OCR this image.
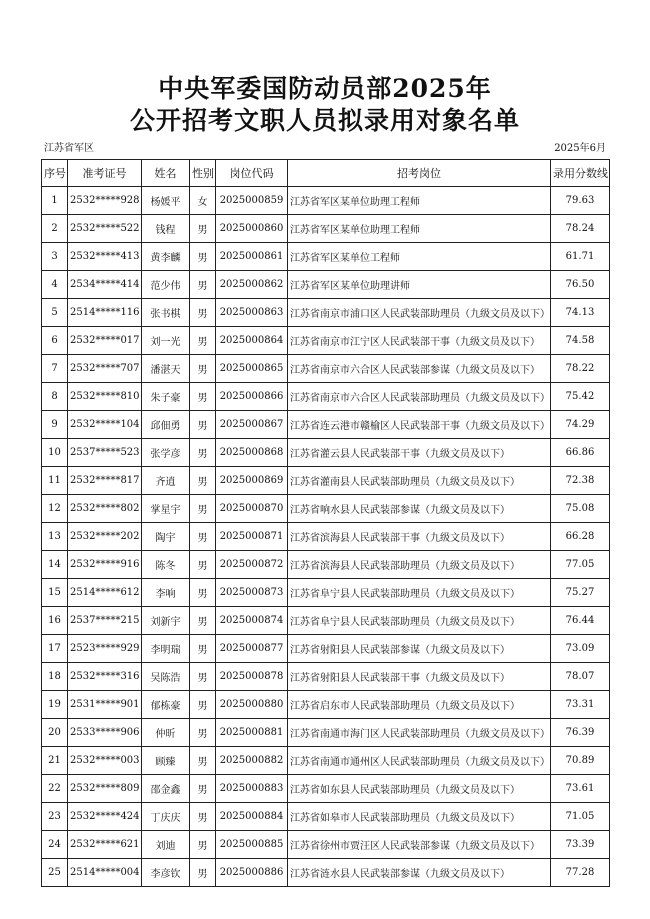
中央军委国防动员部2025年
公开招考文职人员拟录用对象名单
江苏省军区	2025年6月
序号	准考证号	姓名	性别	岗位代码	招考岗位	录用分数线
1	2532*****928	杨媛平	女	2025000859	江苏省军区某单位助理工程师	79.63
2	2532*****522	钱程	男	2025000860	江苏省军区某单位助理工程师	78.24
3	2532*****413	黄李麟	男	2025000861	江苏省军区某单位工程师	61.71
4	2534*****414	范少伟	男	2025000862	江苏省军区某单位助理讲师	76.50
5	2514*****116	张书棋	男	2025000863	江苏省南京市浦口区人民武装部助理员（九级文员及以下）	74.13
6	2532*****017	刘一光	男	2025000864	江苏省南京市江宁区人民武装部干事（九级文员及以下）	74.58
7	2532*****707	潘湛天	男	2025000865	江苏省南京市六合区人民武装部参谋（九级文员及以下）	78.22
8	2532*****810	朱子豪	男	2025000866	江苏省南京市六合区人民武装部助理员（九级文员及以下）	75.42
9	2532*****104	邱佃勇	男	2025000867	江苏省连云港市赣榆区人民武装部干事（九级文员及以下）	74.29
10	2537*****523	张学彦	男	2025000868	江苏省灌云县人民武装部干事（九级文员及以下）	66.86
11	2532*****817	齐逍	男	2025000869	江苏省灌南县人民武装部助理员（九级文员及以下）	72.38
12	2532*****802	掌星宇	男	2025000870	江苏省响水县人民武装部参谋（九级文员及以下）	75.08
13	2532*****202	陶宇	男	2025000871	江苏省滨海县人民武装部干事（九级文员及以下）	66.28
14	2532*****916	陈冬	男	2025000872	江苏省滨海县人民武装部助理员（九级文员及以下）	77.05
15	2514*****612	李响	男	2025000873	江苏省阜宁县人民武装部助理员（九级文员及以下）	75.27
16	2537*****215	刘新宇	男	2025000874	江苏省阜宁县人民武装部助理员（九级文员及以下）	76.44
17	2523*****929	李明瑞	男	2025000877	江苏省射阳县人民武装部参谋（九级文员及以下）	73.09
18	2532*****316	吴陈浩	男	2025000878	江苏省射阳县人民武装部干事（九级文员及以下）	78.07
19	2531*****901	郁栋豪	男	2025000880	江苏省启东市人民武装部助理员（九级文员及以下）	73.31
20	2533*****906	仲昕	男	2025000881	江苏省南通市海门区人民武装部助理员（九级文员及以下）	76.39
21	2532*****003	顾臻	男	2025000882	江苏省南通市通州区人民武装部助理员（九级文员及以下）	70.89
22	2532*****809	邵金鑫	男	2025000883	江苏省如东县人民武装部助理员（九级文员及以下）	73.61
23	2532*****424	丁庆庆	男	2025000884	江苏省如皋市人民武装部助理员（九级文员及以下）	71.05
24	2532*****621	刘迪	男	2025000885	江苏省徐州市贾汪区人民武装部参谋（九级文员及以下）	73.39
25	2514*****004	李彦钦	男	2025000886	江苏省涟水县人民武装部参谋（九级文员及以下）	77.28
